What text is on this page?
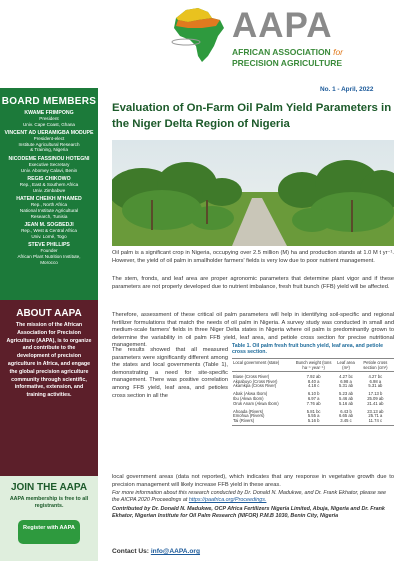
AAPA
AFRICAN ASSOCIATION for
PRECISION AGRICULTURE
BOARD MEMBERS
KWAME FRIMPONG
President
Univ. Cape Coast, Ghana
VINCENT AD UERAMIGBA MODUPE
President-elect
Institute Agricultural Research
& Training, Nigeria
NICODEME FASSINOU HOTEGNI
Executive Secretary
Univ. Abomey Calavi, Benin
REGIS CHIKOWO
Rep., East & Southern Africa
Univ. Zimbabwe
HATEM CHEIKH M'HAMED
Rep., North Africa
National Institute Agricultural
Research, Tunisia
JEAN M. SOGBEDJI
Rep., West & Central Africa
Univ. Lomé, Togo
STEVE PHILLIPS
Founder
African Plant Nutrition Institute,
Morocco
ABOUT AAPA
The mission of the African Association for Precision Agriculture (AAPA), is to organize and contribute to the development of precision agriculture in Africa, and engage the global precision agriculture community through scientific, informative, extension, and training activities.
JOIN THE AAPA
AAPA membership is free to all registrants.
Register with AAPA
No. 1 - April, 2022
Evaluation of On-Farm Oil Palm Yield Parameters in the Niger Delta Region of Nigeria
Oil palm is a significant crop in Nigeria, occupying over 2.5 million (M) ha and production stands at 1.0 M t yr⁻¹. However, the yield of oil palm in smallholder farmers' fields is very low due to poor nutrient management.
The stem, fronds, and leaf area are proper agronomic parameters that determine plant vigor and if these parameters are not properly developed due to nutrient imbalance, fresh fruit bunch (FFB) yield will be affected.
Therefore, assessment of these critical oil palm parameters will help in identifying soil-specific and regional fertilizer formulations that match the needs of oil palm in Nigeria. A survey study was conducted in small and medium-scale farmers' fields in three Niger Delta states in Nigeria where oil palm is predominantly grown to determine the variability in oil palm FFB yield, leaf area, and petiole cross section for precise nutritional management.
The results showed that all measured parameters were significantly different among the states and local governments (Table 1), demonstrating a need for site-specific management. There was positive correlation among FFB yield, leaf area, and petioles cross section in all the
Table 1. Oil palm fresh fruit bunch yield, leaf area, and petiole cross section.
Local government (state)	Bunch weight (tons ha⁻¹ year⁻¹)	Leaf area (m²)	Petiole cross section (cm²)
Biase (Cross River)	7.92 ab	4.27 bc	4.27 bc
Akpabuyo (Cross River)	8.40 a	6.98 a	6.98 a
Akamkpa (Cross River)	4.18 c	5.31 ab	5.31 ab
Abak (Akwa Ibom)	6.10 b	5.23 ab	17.13 b
Ibu (Akwa Ibom)	6.97 a	5.46 ab	25.09 ab
Oruk Anam (Akwa Ibom)	7.76 ab	5.16 ab	21.41 ab
Ahoada (Rivers)	5.81 bc	6.43 b	23.13 ab
Emohua (Rivers)	5.55 a	6.65 ab	25.71 a
Tai (Rivers)	5.16 b	3.45 c	11.74 c
local government areas (data not reported), which indicates that any response in vegetative growth due to precision management will likely increase FFB yield in these areas.
For more information about this research conducted by Dr. Donald N. Madukwe, and Dr. Frank Ekhator, please see the AICPA 2020 Proceedings at https://paafrica.org/Proceedings.
Contributed by Dr. Donald N. Madukwe, OCP Africa Fertilizers Nigeria Limited, Abuja, Nigeria and Dr. Frank Ekhator, Nigerian Institute for Oil Palm Research (NIFOR) P.M.B 1030, Benin City, Nigeria
Contact Us: info@AAPA.org
